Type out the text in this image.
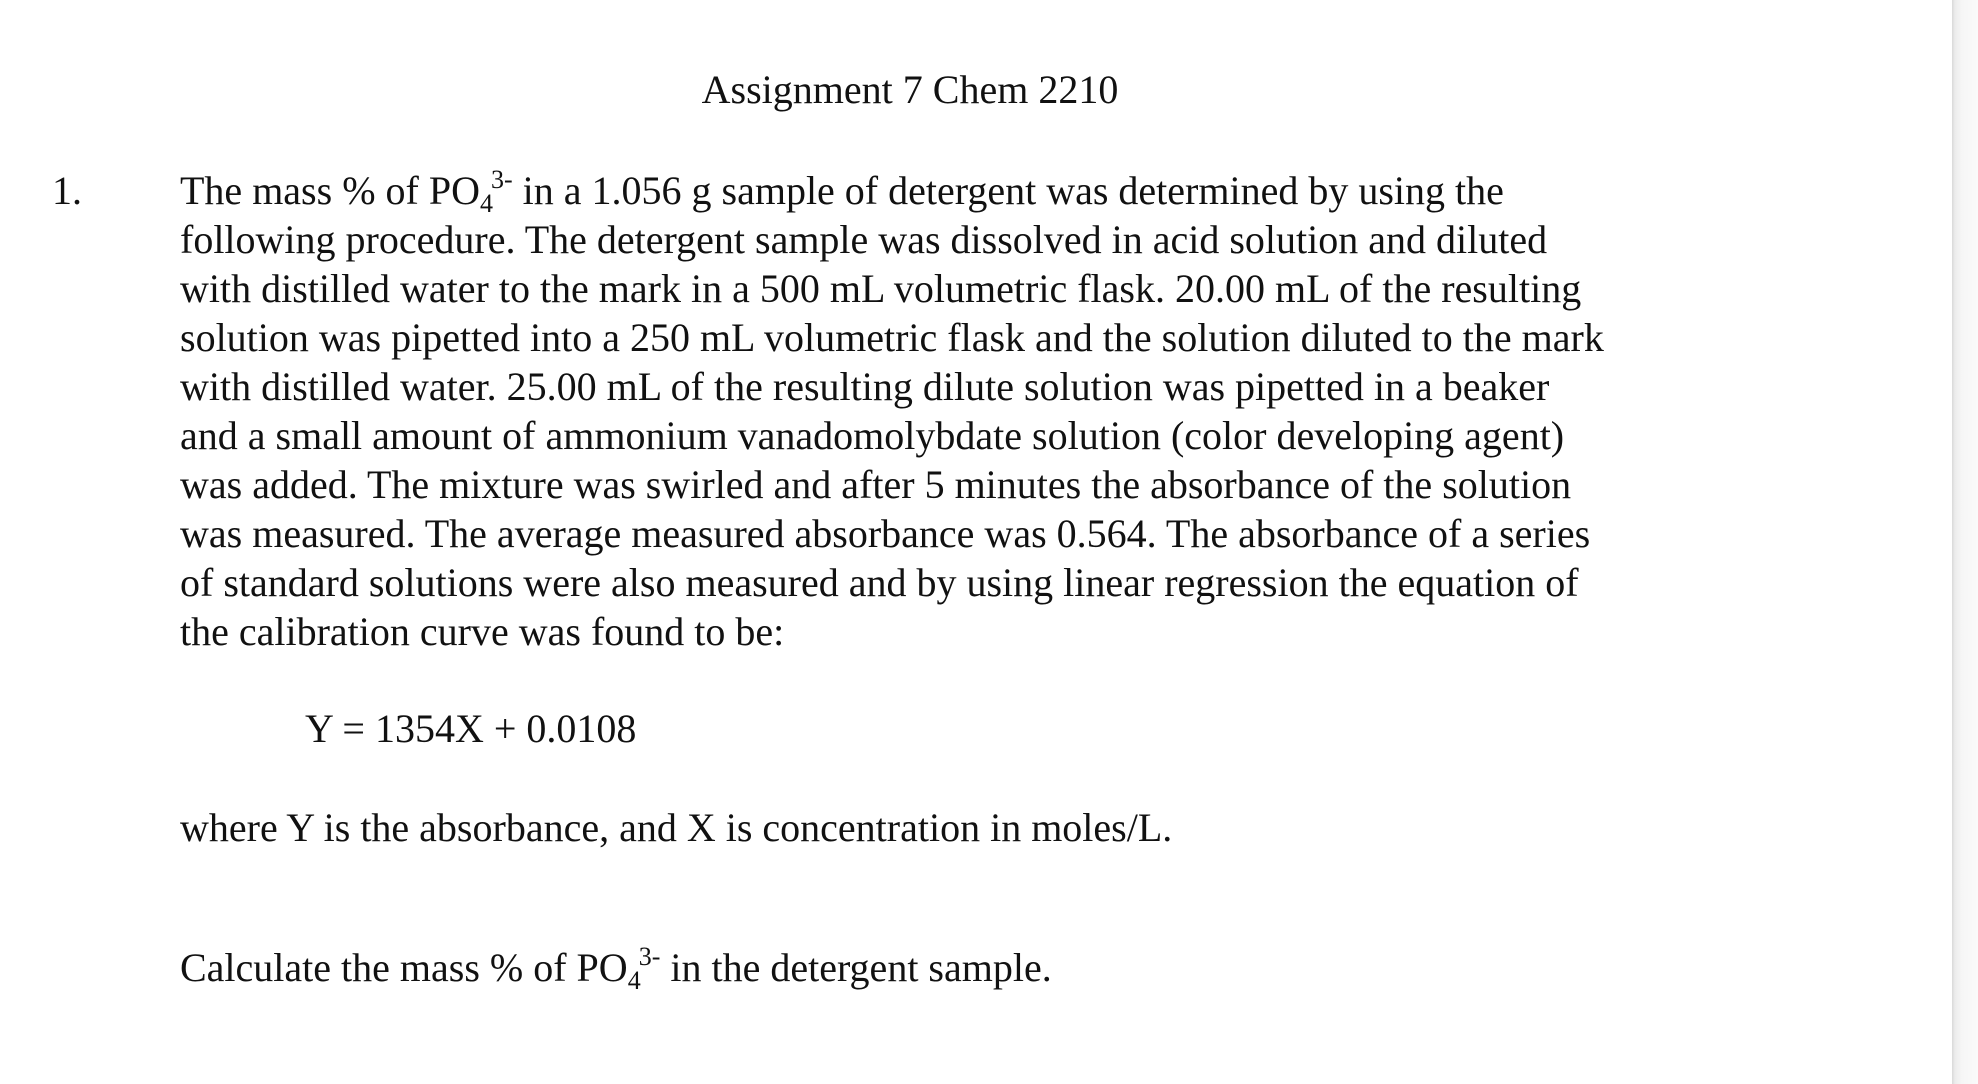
Assignment 7 Chem 2210
1. The mass % of $PO_4^{3-}$ in a 1.056 g sample of detergent was determined by using the
following procedure. The detergent sample was dissolved in acid solution and diluted
with distilled water to the mark in a 500 mL volumetric flask. 20.00 mL of the resulting
solution was pipetted into a 250 mL volumetric flask and the solution diluted to the mark
with distilled water. 25.00 mL of the resulting dilute solution was pipetted in a beaker
and a small amount of ammonium vanadomolybdate solution (color developing agent)
was added. The mixture was swirled and after 5 minutes the absorbance of the solution
was measured. The average measured absorbance was 0.564. The absorbance of a series
of standard solutions were also measured and by using linear regression the equation of
the calibration curve was found to be:
Y = 1354X + 0.0108
where Y is the absorbance, and X is concentration in moles/L.
Calculate the mass % of $PO_4^{3-}$ in the detergent sample.
